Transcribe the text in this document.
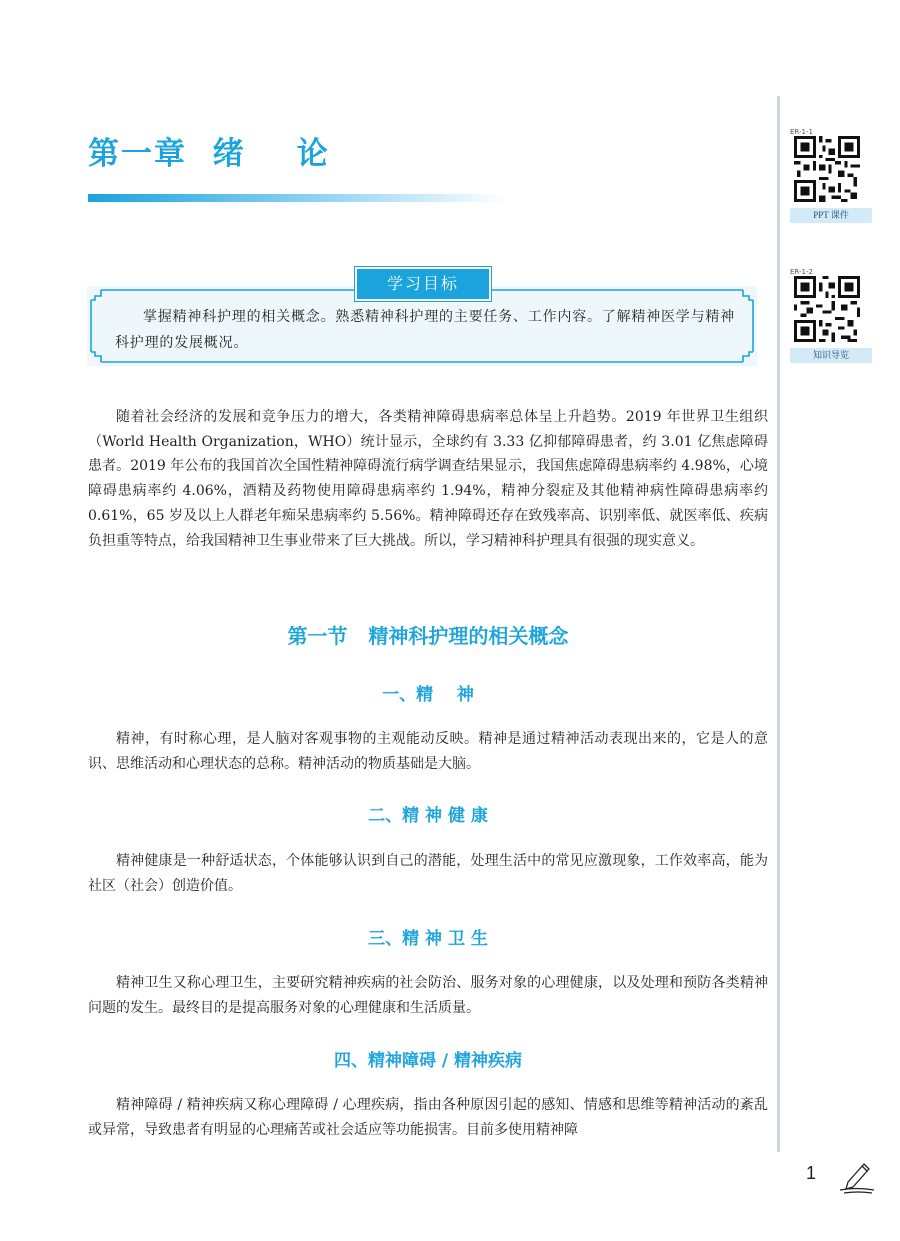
第一章  绪    论
ER-1-1
PPT 课件
ER-1-2
知识导览
学习目标

掌握精神科护理的相关概念。熟悉精神科护理的主要任务、工作内容。了解精神医学与精神科护理的发展概况。

随着社会经济的发展和竞争压力的增大，各类精神障碍患病率总体呈上升趋势。2019 年世界卫生组织（World Health Organization，WHO）统计显示，全球约有 3.33 亿抑郁障碍患者，约 3.01 亿焦虑障碍患者。2019 年公布的我国首次全国性精神障碍流行病学调查结果显示，我国焦虑障碍患病率约 4.98%，心境障碍患病率约 4.06%，酒精及药物使用障碍患病率约 1.94%，精神分裂症及其他精神病性障碍患病率约 0.61%，65 岁及以上人群老年痴呆患病率约 5.56%。精神障碍还存在致残率高、识别率低、就医率低、疾病负担重等特点，给我国精神卫生事业带来了巨大挑战。所以，学习精神科护理具有很强的现实意义。

第一节   精神科护理的相关概念
一、精    神

精神，有时称心理，是人脑对客观事物的主观能动反映。精神是通过精神活动表现出来的，它是人的意识、思维活动和心理状态的总称。精神活动的物质基础是大脑。

二、精 神 健 康

精神健康是一种舒适状态，个体能够认识到自己的潜能，处理生活中的常见应激现象，工作效率高，能为社区（社会）创造价值。

三、精 神 卫 生

精神卫生又称心理卫生，主要研究精神疾病的社会防治、服务对象的心理健康，以及处理和预防各类精神问题的发生。最终目的是提高服务对象的心理健康和生活质量。

四、精神障碍 / 精神疾病

精神障碍 / 精神疾病又称心理障碍 / 心理疾病，指由各种原因引起的感知、情感和思维等精神活动的紊乱或异常，导致患者有明显的心理痛苦或社会适应等功能损害。目前多使用精神障

1
